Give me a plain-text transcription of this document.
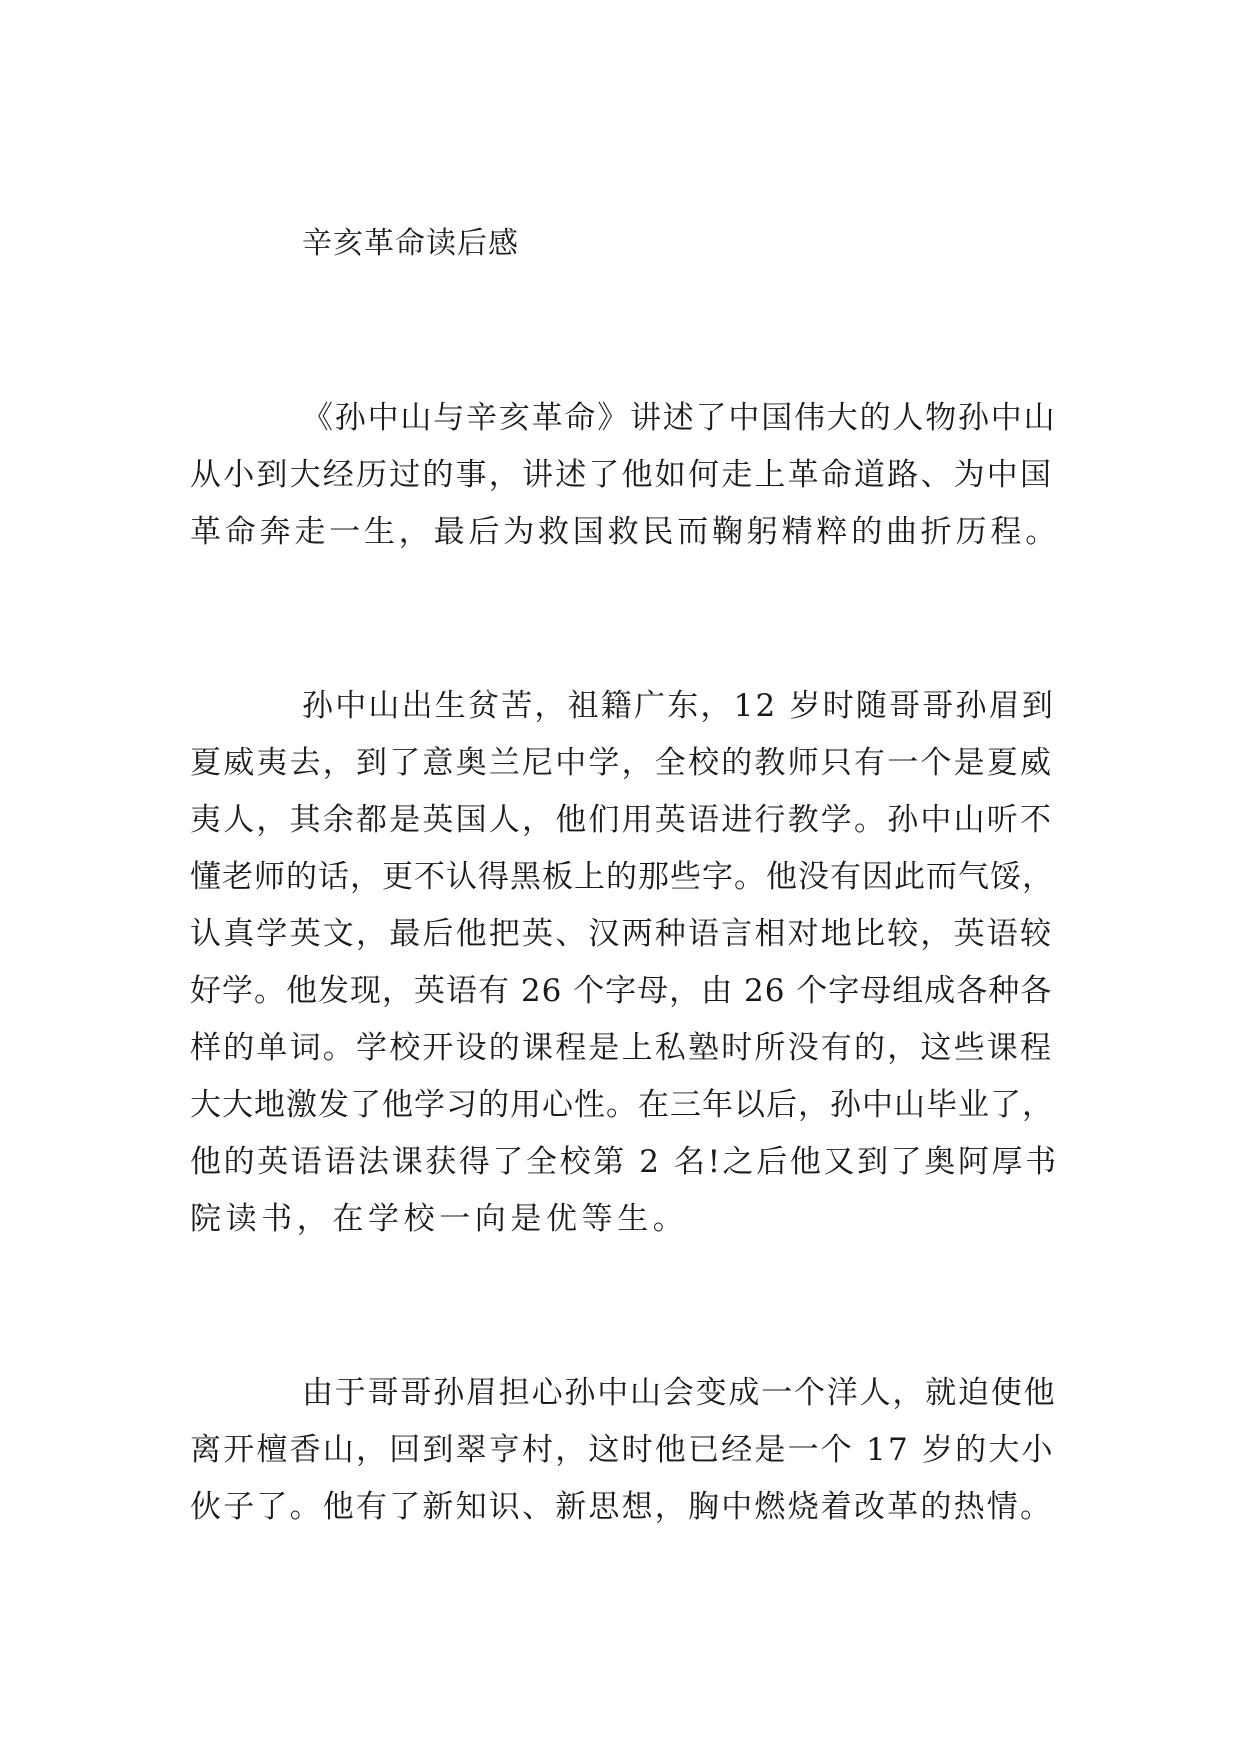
辛亥革命读后感
《孙中山与辛亥革命》讲述了中国伟大的人物孙中山
从小到大经历过的事，讲述了他如何走上革命道路、为中国
革命奔走一生，最后为救国救民而鞠躬精粹的曲折历程。
孙中山出生贫苦，祖籍广东，12 岁时随哥哥孙眉到
夏威夷去，到了意奥兰尼中学，全校的教师只有一个是夏威
夷人，其余都是英国人，他们用英语进行教学。孙中山听不
懂老师的话，更不认得黑板上的那些字。他没有因此而气馁，
认真学英文，最后他把英、汉两种语言相对地比较，英语较
好学。他发现，英语有 26 个字母，由 26 个字母组成各种各
样的单词。学校开设的课程是上私塾时所没有的，这些课程
大大地激发了他学习的用心性。在三年以后，孙中山毕业了，
他的英语语法课获得了全校第 2 名!之后他又到了奥阿厚书
院读书，在学校一向是优等生。
由于哥哥孙眉担心孙中山会变成一个洋人，就迫使他
离开檀香山，回到翠亨村，这时他已经是一个 17 岁的大小
伙子了。他有了新知识、新思想，胸中燃烧着改革的热情。
